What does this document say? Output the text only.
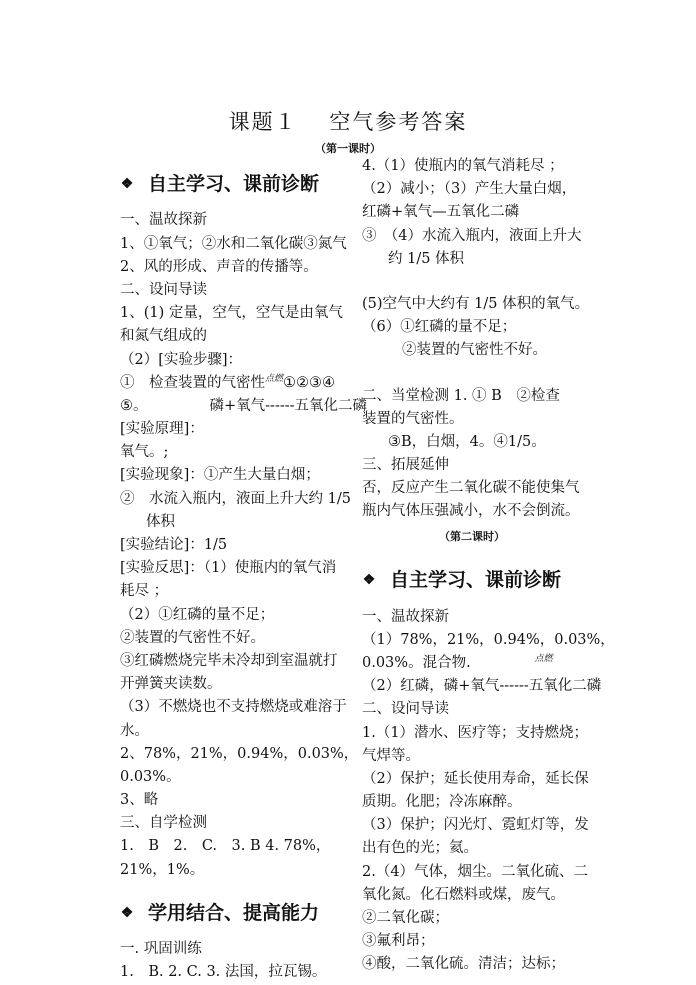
课题１　 空气参考答案
（第一课时）
❖ 自主学习、课前诊断
一、温故探新
1、①氧气；②水和二氧化碳③氮气
2、风的形成、声音的传播等。
二、设问导读
1、(1) 定量，空气，空气是由氧气
和氮气组成的
（2）[实验步骤]：
①　检查装置的气密性$^{点燃}$①②③④
⑤。	磷+氧气------五氧化二磷
[实验原理]：
氧气。;
[实验现象]：①产生大量白烟；
②　水流入瓶内，液面上升大约 1/5
体积
[实验结论]：1/5
[实验反思]：（1）使瓶内的氧气消
耗尽 ；
（2）①红磷的量不足；
②装置的气密性不好。
③红磷燃烧完毕未冷却到室温就打
开弹簧夹读数。
（3）不燃烧也不支持燃烧或难溶于
水。
2、78%，21%，0.94%，0.03%，
0.03%。
3、略
三、自学检测
1.　B　2.　C.　3. B 4. 78%，
21%，1%。
❖ 学用结合、提高能力
一. 巩固训练
1.　B. 2. C. 3. 法国，拉瓦锡。
4.（1）使瓶内的氧气消耗尽 ；
（2）减小；（3）产生大量白烟，
红磷+氧气—五氧化二磷
③　（4）水流入瓶内，液面上升大
约 1/5 体积
(5)空气中大约有 1/5 体积的氧气。
（6）①红磷的量不足；
②装置的气密性不好。
二、当堂检测 1. ① B　②检查
装置的气密性。
③B，白烟，4。④1/5。
三、拓展延伸
否，反应产生二氧化碳不能使集气
瓶内气体压强减小，水不会倒流。
（第二课时）
❖ 自主学习、课前诊断
一、温故探新
（1）78%，21%，0.94%，0.03%，
0.03%。混合物.	$^{点燃}$
（2）红磷，磷+氧气------五氧化二磷
二、设问导读
1.（1）潜水、医疗等；支持燃烧；
气焊等。
（2）保护；延长使用寿命，延长保
质期。化肥；冷冻麻醉。
（3）保护；闪光灯、霓虹灯等，发
出有色的光；氦。
2.（4）气体，烟尘。二氧化硫、二
氧化氮。化石燃料或煤，废气。
②二氧化碳；
③氟利昂；
④酸，二氧化硫。清洁；达标；
